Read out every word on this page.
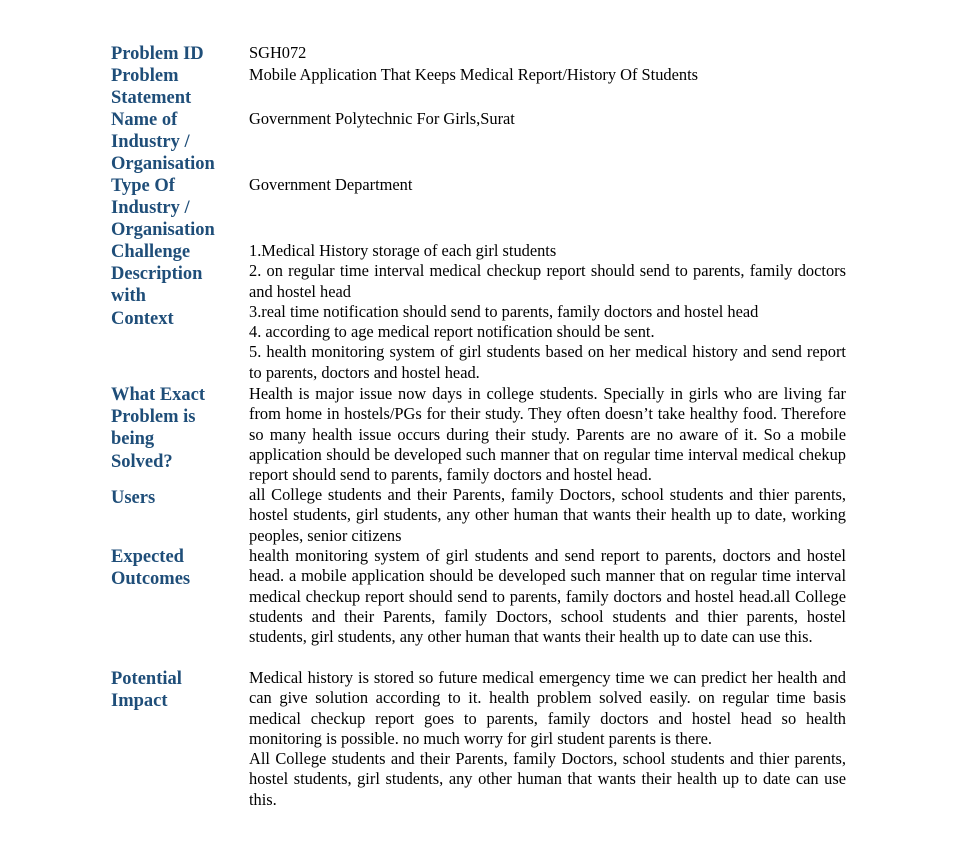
Problem ID	SGH072

Problem
Statement

Mobile Application That Keeps Medical Report/History Of Students

Name of
Industry /
Organisation

Government Polytechnic For Girls,Surat

Type Of
Industry /
Organisation

Government Department

Challenge
Description
with
Context

1.Medical History storage of each girl students

2. on regular time interval medical checkup report should send to parents, family doctors and hostel head

3.real time notification should send to parents, family doctors and hostel head

4. according to age medical report notification should be sent.

5. health monitoring system of girl students based on her medical history and send report to parents, doctors and hostel head.

What Exact
Problem is
being
Solved?

Health is major issue now days in college students. Specially in girls who are living far from home in hostels/PGs for their study. They often doesn’t take healthy food. Therefore so many health issue occurs during their study. Parents are no aware of it. So a mobile application should be developed such manner that on regular time interval medical chekup report should send to parents, family doctors and hostel head.

Users	all College students and their Parents, family Doctors, school students and thier parents, hostel students, girl students, any other human that wants their health up to date, working peoples, senior citizens

Expected
Outcomes

health monitoring system of girl students and send report to parents, doctors and hostel head. a mobile application should be developed such manner that on regular time interval medical checkup report should send to parents, family doctors and hostel head.all College students and their Parents, family Doctors, school students and thier parents, hostel students, girl students, any other human that wants their health up to date can use this.

Potential
Impact

Medical history is stored so future medical emergency time we can predict her health and can give solution according to it. health problem solved easily. on regular time basis medical checkup report goes to parents, family doctors and hostel head so health monitoring is possible. no much worry for girl student parents is there.

All College students and their Parents, family Doctors, school students and thier parents, hostel students, girl students, any other human that wants their health up to date can use this.
